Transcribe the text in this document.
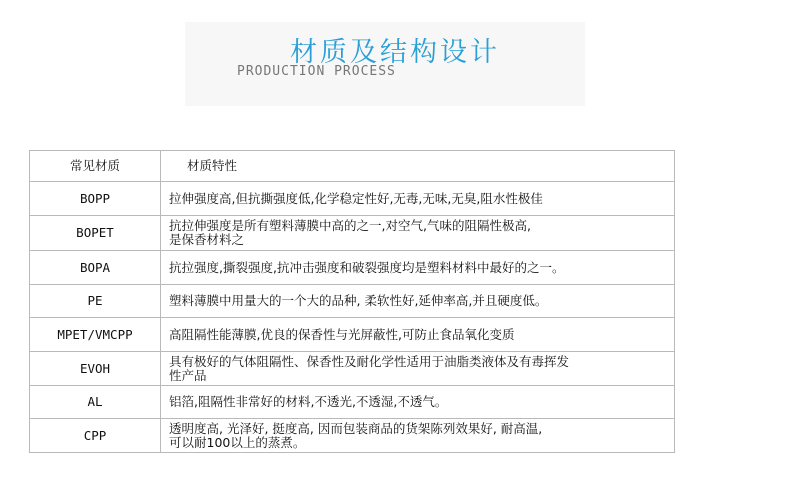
材质及结构设计
PRODUCTION PROCESS
常见材质	材质特性
BOPP	拉伸强度高,但抗撕强度低,化学稳定性好,无毒,无味,无臭,阻水性极佳
BOPET	抗拉伸强度是所有塑料薄膜中高的之一,对空气,气味的阻隔性极高,
是保香材料之
BOPA	抗拉强度,撕裂强度,抗冲击强度和破裂强度均是塑料材料中最好的之一。
PE	塑料薄膜中用量大的一个大的品种, 柔软性好,延伸率高,并且硬度低。
MPET/VMCPP	高阻隔性能薄膜,优良的保香性与光屏蔽性,可防止食品氧化变质
EVOH	具有极好的气体阻隔性、保香性及耐化学性适用于油脂类液体及有毒挥发
性产品
AL	铝箔,阻隔性非常好的材料,不透光,不透湿,不透气。
CPP	透明度高, 光泽好, 挺度高, 因而包装商品的货架陈列效果好, 耐高温,
可以耐100以上的蒸煮。
